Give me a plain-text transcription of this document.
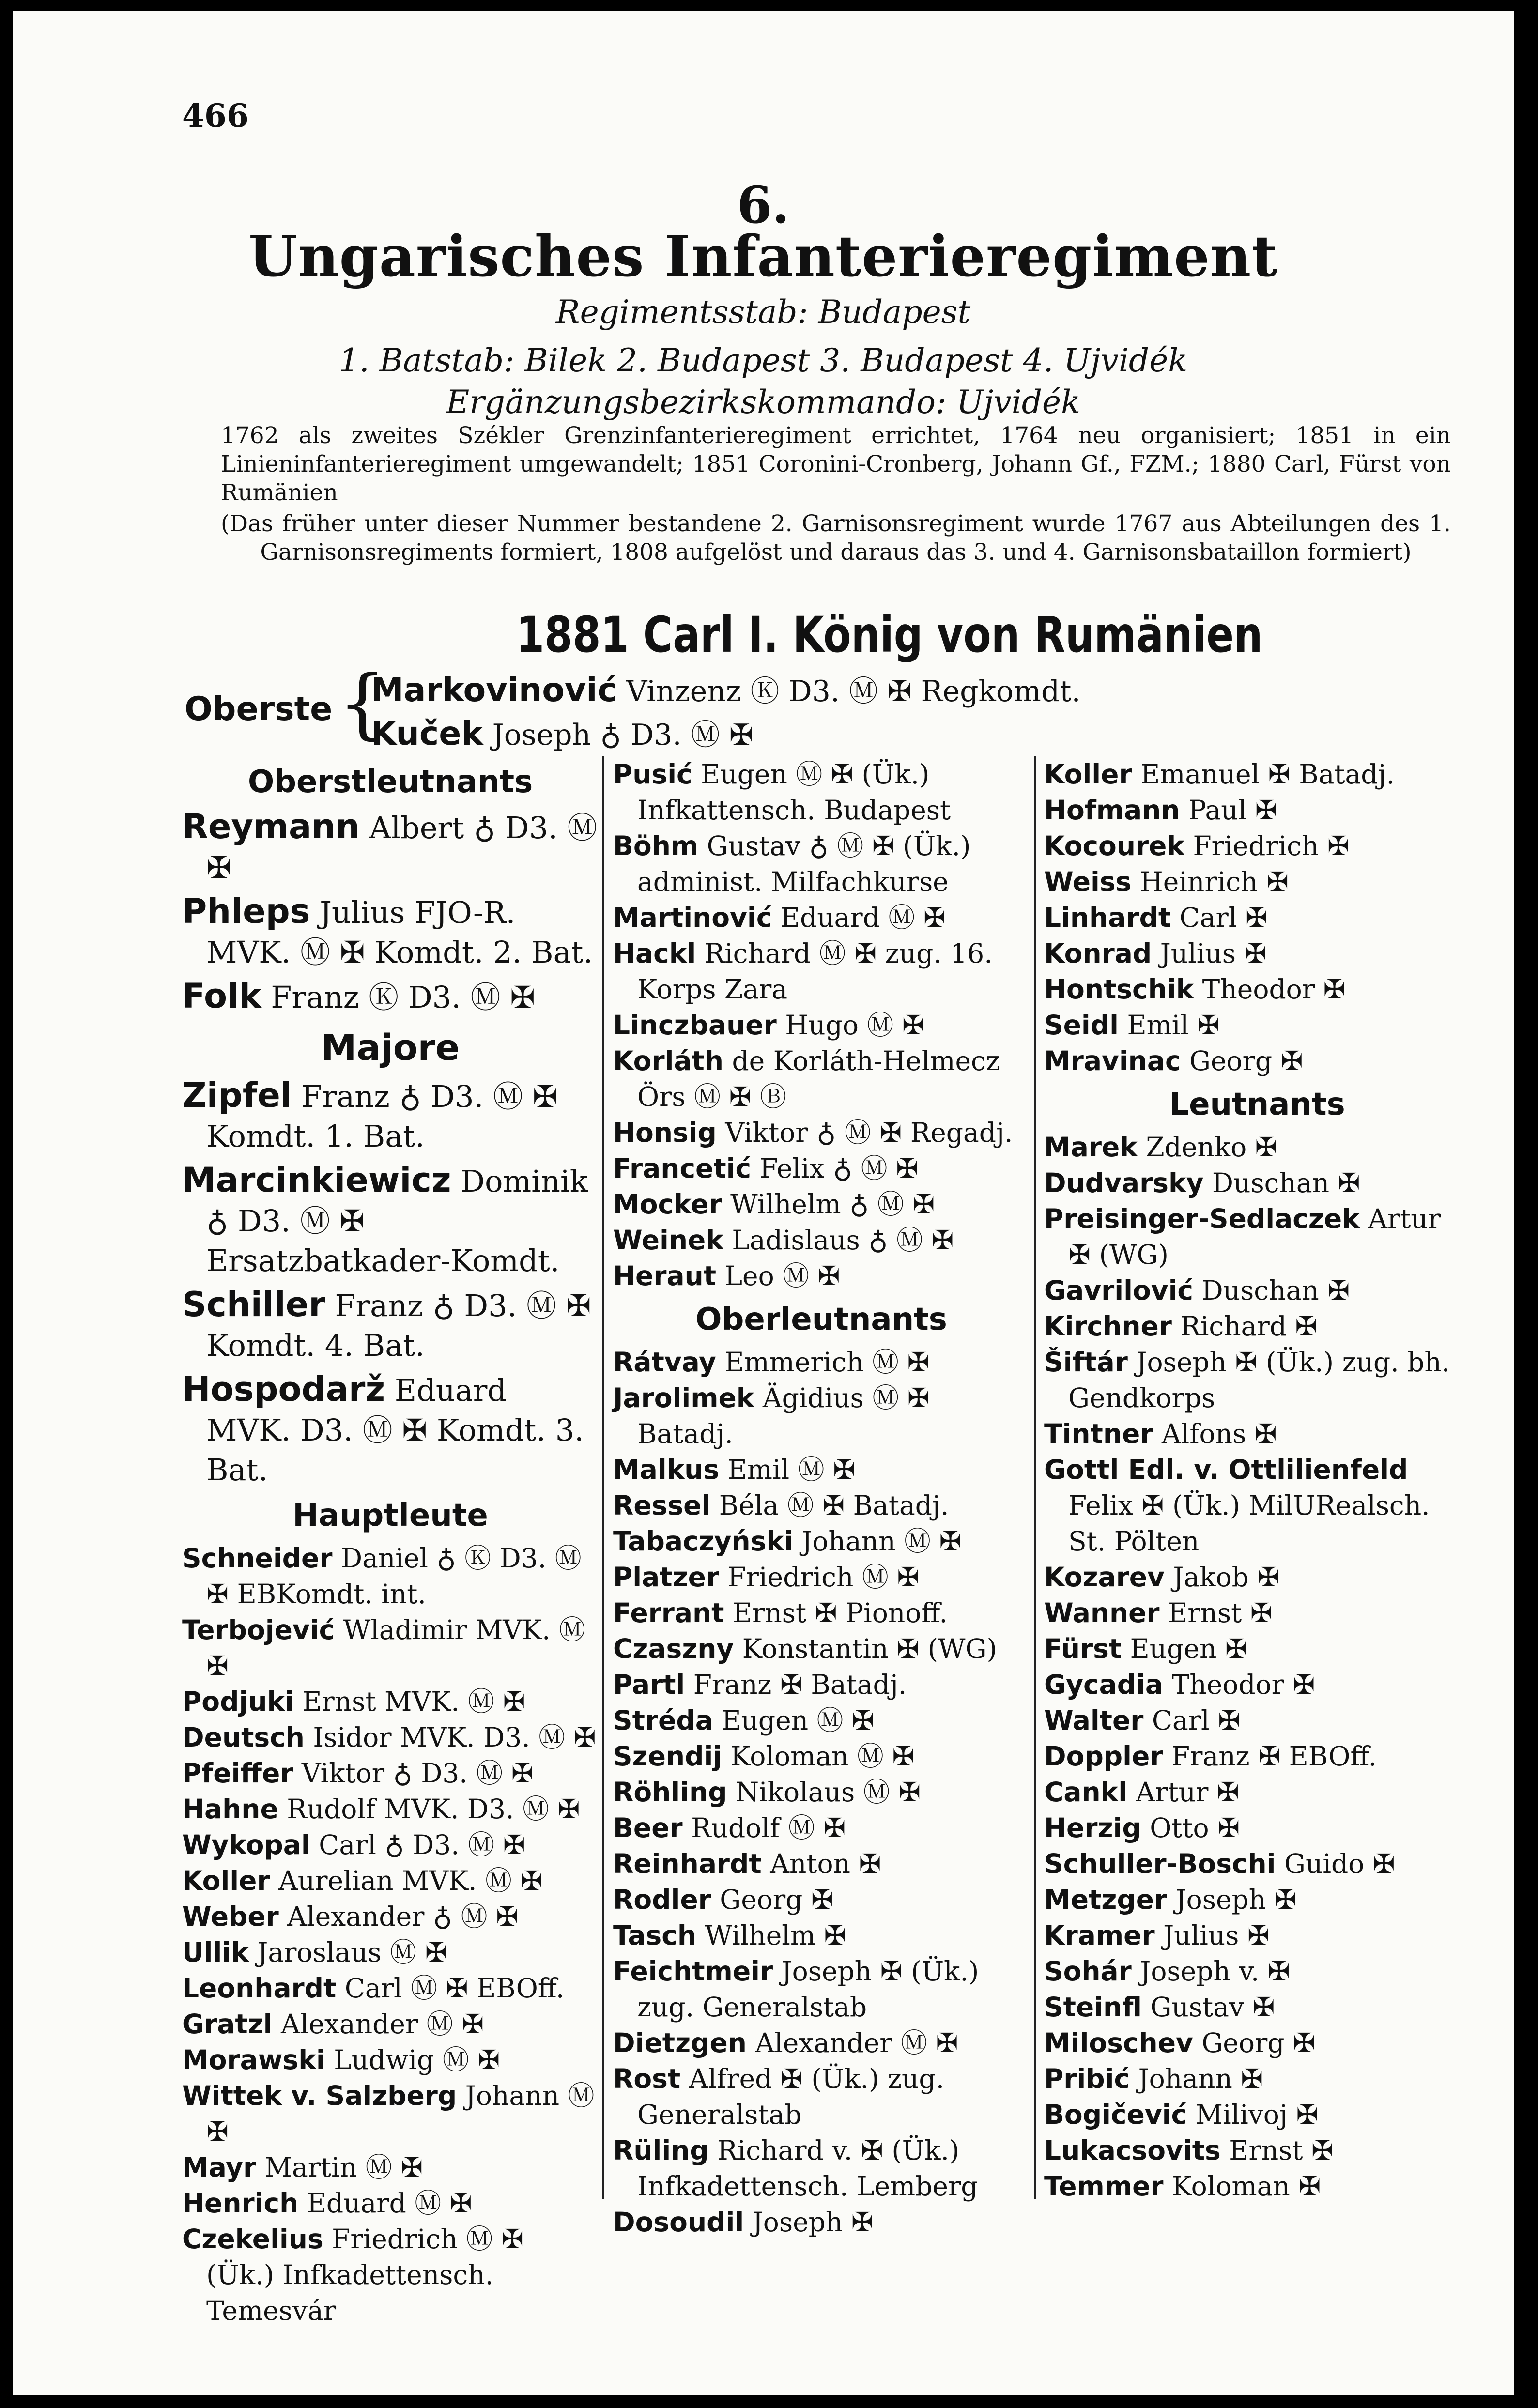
466
6.
Ungarisches Infanterieregiment
Regimentsstab: Budapest
1. Batstab: Bilek 2. Budapest 3. Budapest 4. Ujvidék
Ergänzungsbezirkskommando: Ujvidék

1762 als zweites Székler Grenzinfanterieregiment errichtet, 1764 neu organisiert; 1851 in ein Linieninfanterieregiment umgewandelt; 1851 Coronini-Cronberg, Johann Gf., FZM.; 1880 Carl, Fürst von Rumänien

(Das früher unter dieser Nummer bestandene 2. Garnisonsregiment wurde 1767 aus Abteilungen des 1. Garnisonsregiments formiert, 1808 aufgelöst und daraus das 3. und 4. Garnisonsbataillon formiert)

1881 Carl I. König von Rumänien
Oberste {
Markovinović Vinzenz Ⓚ D3. Ⓜ ✠ Regkomdt.
Kuček Joseph ♁ D3. Ⓜ ✠
Oberstleutnants

Reymann Albert ♁ D3. Ⓜ ✠

Phleps Julius FJO-R. MVK. Ⓜ ✠ Komdt. 2. Bat.

Folk Franz Ⓚ D3. Ⓜ ✠

Majore

Zipfel Franz ♁ D3. Ⓜ ✠ Komdt. 1. Bat.

Marcinkiewicz Dominik ♁ D3. Ⓜ ✠ Ersatzbatkader-Komdt.

Schiller Franz ♁ D3. Ⓜ ✠ Komdt. 4. Bat.

Hospodarž Eduard MVK. D3. Ⓜ ✠ Komdt. 3. Bat.

Hauptleute

Schneider Daniel ♁ Ⓚ D3. Ⓜ ✠ EBKomdt. int.

Terbojević Wladimir MVK. Ⓜ ✠

Podjuki Ernst MVK. Ⓜ ✠

Deutsch Isidor MVK. D3. Ⓜ ✠

Pfeiffer Viktor ♁ D3. Ⓜ ✠

Hahne Rudolf MVK. D3. Ⓜ ✠

Wykopal Carl ♁ D3. Ⓜ ✠

Koller Aurelian MVK. Ⓜ ✠

Weber Alexander ♁ Ⓜ ✠

Ullik Jaroslaus Ⓜ ✠

Leonhardt Carl Ⓜ ✠ EBOff.

Gratzl Alexander Ⓜ ✠

Morawski Ludwig Ⓜ ✠

Wittek v. Salzberg Johann Ⓜ ✠

Mayr Martin Ⓜ ✠

Henrich Eduard Ⓜ ✠

Czekelius Friedrich Ⓜ ✠ (Ük.) Infkadettensch. Temesvár

Pusić Eugen Ⓜ ✠ (Ük.) Infkattensch. Budapest

Böhm Gustav ♁ Ⓜ ✠ (Ük.) administ. Milfachkurse

Martinović Eduard Ⓜ ✠

Hackl Richard Ⓜ ✠ zug. 16. Korps Zara

Linczbauer Hugo Ⓜ ✠

Korláth de Korláth-Helmecz Örs Ⓜ ✠ Ⓑ

Honsig Viktor ♁ Ⓜ ✠ Regadj.

Francetić Felix ♁ Ⓜ ✠

Mocker Wilhelm ♁ Ⓜ ✠

Weinek Ladislaus ♁ Ⓜ ✠

Heraut Leo Ⓜ ✠

Oberleutnants

Rátvay Emmerich Ⓜ ✠

Jarolimek Ägidius Ⓜ ✠ Batadj.

Malkus Emil Ⓜ ✠

Ressel Béla Ⓜ ✠ Batadj.

Tabaczyński Johann Ⓜ ✠

Platzer Friedrich Ⓜ ✠

Ferrant Ernst ✠ Pionoff.

Czaszny Konstantin ✠ (WG)

Partl Franz ✠ Batadj.

Stréda Eugen Ⓜ ✠

Szendij Koloman Ⓜ ✠

Röhling Nikolaus Ⓜ ✠

Beer Rudolf Ⓜ ✠

Reinhardt Anton ✠

Rodler Georg ✠

Tasch Wilhelm ✠

Feichtmeir Joseph ✠ (Ük.) zug. Generalstab

Dietzgen Alexander Ⓜ ✠

Rost Alfred ✠ (Ük.) zug. Generalstab

Rüling Richard v. ✠ (Ük.) Infkadettensch. Lemberg

Dosoudil Joseph ✠

Koller Emanuel ✠ Batadj.

Hofmann Paul ✠

Kocourek Friedrich ✠

Weiss Heinrich ✠

Linhardt Carl ✠

Konrad Julius ✠

Hontschik Theodor ✠

Seidl Emil ✠

Mravinac Georg ✠

Leutnants

Marek Zdenko ✠

Dudvarsky Duschan ✠

Preisinger-Sedlaczek Artur ✠ (WG)

Gavrilović Duschan ✠

Kirchner Richard ✠

Šiftár Joseph ✠ (Ük.) zug. bh. Gendkorps

Tintner Alfons ✠

Gottl Edl. v. Ottlilienfeld Felix ✠ (Ük.) MilURealsch. St. Pölten

Kozarev Jakob ✠

Wanner Ernst ✠

Fürst Eugen ✠

Gycadia Theodor ✠

Walter Carl ✠

Doppler Franz ✠ EBOff.

Cankl Artur ✠

Herzig Otto ✠

Schuller-Boschi Guido ✠

Metzger Joseph ✠

Kramer Julius ✠

Sohár Joseph v. ✠

Steinfl Gustav ✠

Miloschev Georg ✠

Pribić Johann ✠

Bogičević Milivoj ✠

Lukacsovits Ernst ✠

Temmer Koloman ✠
